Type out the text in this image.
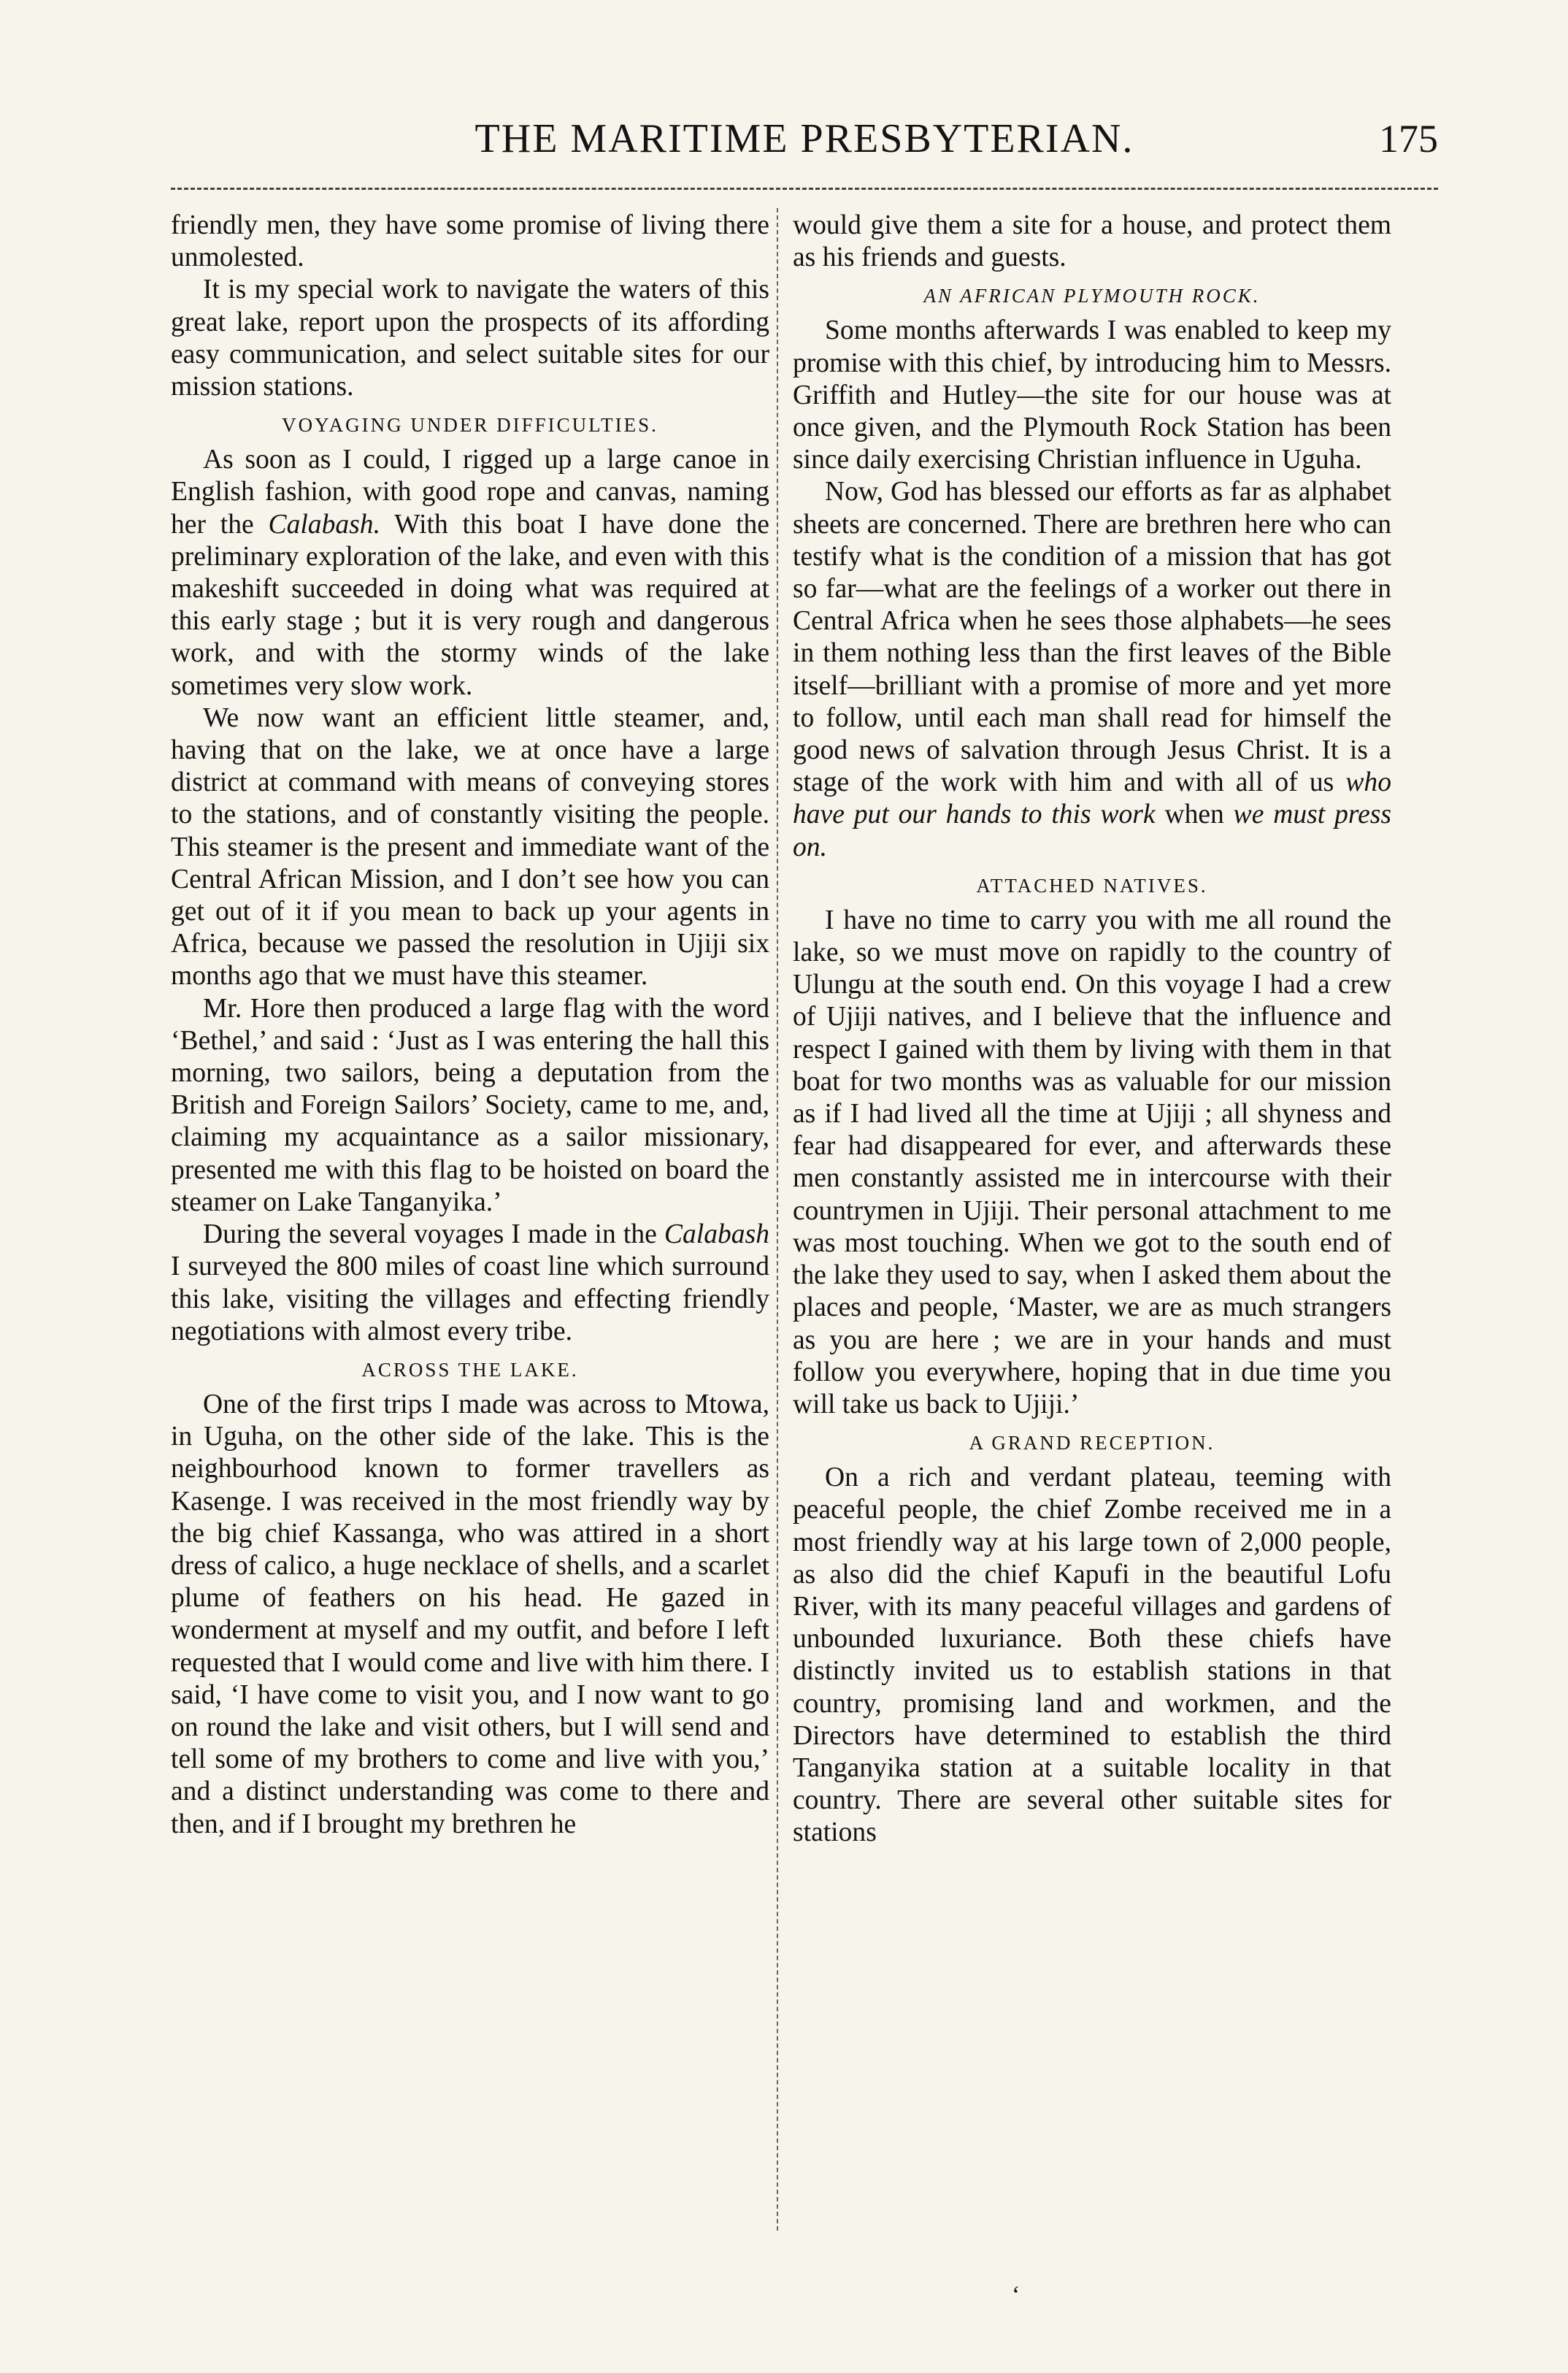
THE MARITIME PRESBYTERIAN.	175

friendly men, they have some promise of living there unmolested.

It is my special work to navigate the waters of this great lake, report upon the prospects of its affording easy communication, and select suitable sites for our mission stations.

VOYAGING UNDER DIFFICULTIES.

As soon as I could, I rigged up a large canoe in English fashion, with good rope and canvas, naming her the Calabash. With this boat I have done the preliminary exploration of the lake, and even with this makeshift succeeded in doing what was required at this early stage ; but it is very rough and dangerous work, and with the stormy winds of the lake sometimes very slow work.

We now want an efficient little steamer, and, having that on the lake, we at once have a large district at command with means of conveying stores to the stations, and of constantly visiting the people. This steamer is the present and immediate want of the Central African Mission, and I don’t see how you can get out of it if you mean to back up your agents in Africa, because we passed the resolution in Ujiji six months ago that we must have this steamer.

Mr. Hore then produced a large flag with the word ‘Bethel,’ and said : ‘Just as I was entering the hall this morning, two sailors, being a deputation from the British and Foreign Sailors’ Society, came to me, and, claiming my acquaintance as a sailor missionary, presented me with this flag to be hoisted on board the steamer on Lake Tanganyika.’

During the several voyages I made in the Calabash I surveyed the 800 miles of coast line which surround this lake, visiting the villages and effecting friendly negotiations with almost every tribe.

ACROSS THE LAKE.

One of the first trips I made was across to Mtowa, in Uguha, on the other side of the lake. This is the neighbourhood known to former travellers as Kasenge. I was received in the most friendly way by the big chief Kassanga, who was attired in a short dress of calico, a huge necklace of shells, and a scarlet plume of feathers on his head. He gazed in wonderment at myself and my outfit, and before I left requested that I would come and live with him there. I said, ‘I have come to visit you, and I now want to go on round the lake and visit others, but I will send and tell some of my brothers to come and live with you,’ and a distinct understanding was come to there and then, and if I brought my brethren he

would give them a site for a house, and protect them as his friends and guests.

AN AFRICAN PLYMOUTH ROCK.

Some months afterwards I was enabled to keep my promise with this chief, by introducing him to Messrs. Griffith and Hutley—the site for our house was at once given, and the Plymouth Rock Station has been since daily exercising Christian influence in Uguha.

Now, God has blessed our efforts as far as alphabet sheets are concerned. There are brethren here who can testify what is the condition of a mission that has got so far—what are the feelings of a worker out there in Central Africa when he sees those alphabets—he sees in them nothing less than the first leaves of the Bible itself—brilliant with a promise of more and yet more to follow, until each man shall read for himself the good news of salvation through Jesus Christ. It is a stage of the work with him and with all of us who have put our hands to this work when we must press on.

ATTACHED NATIVES.

I have no time to carry you with me all round the lake, so we must move on rapidly to the country of Ulungu at the south end. On this voyage I had a crew of Ujiji natives, and I believe that the influence and respect I gained with them by living with them in that boat for two months was as valuable for our mission as if I had lived all the time at Ujiji ; all shyness and fear had disappeared for ever, and afterwards these men constantly assisted me in intercourse with their countrymen in Ujiji. Their personal attachment to me was most touching. When we got to the south end of the lake they used to say, when I asked them about the places and people, ‘Master, we are as much strangers as you are here ; we are in your hands and must follow you everywhere, hoping that in due time you will take us back to Ujiji.’

A GRAND RECEPTION.

On a rich and verdant plateau, teeming with peaceful people, the chief Zombe received me in a most friendly way at his large town of 2,000 people, as also did the chief Kapufi in the beautiful Lofu River, with its many peaceful villages and gardens of unbounded luxuriance. Both these chiefs have distinctly invited us to establish stations in that country, promising land and workmen, and the Directors have determined to establish the third Tanganyika station at a suitable locality in that country. There are several other suitable sites for stations

‘
